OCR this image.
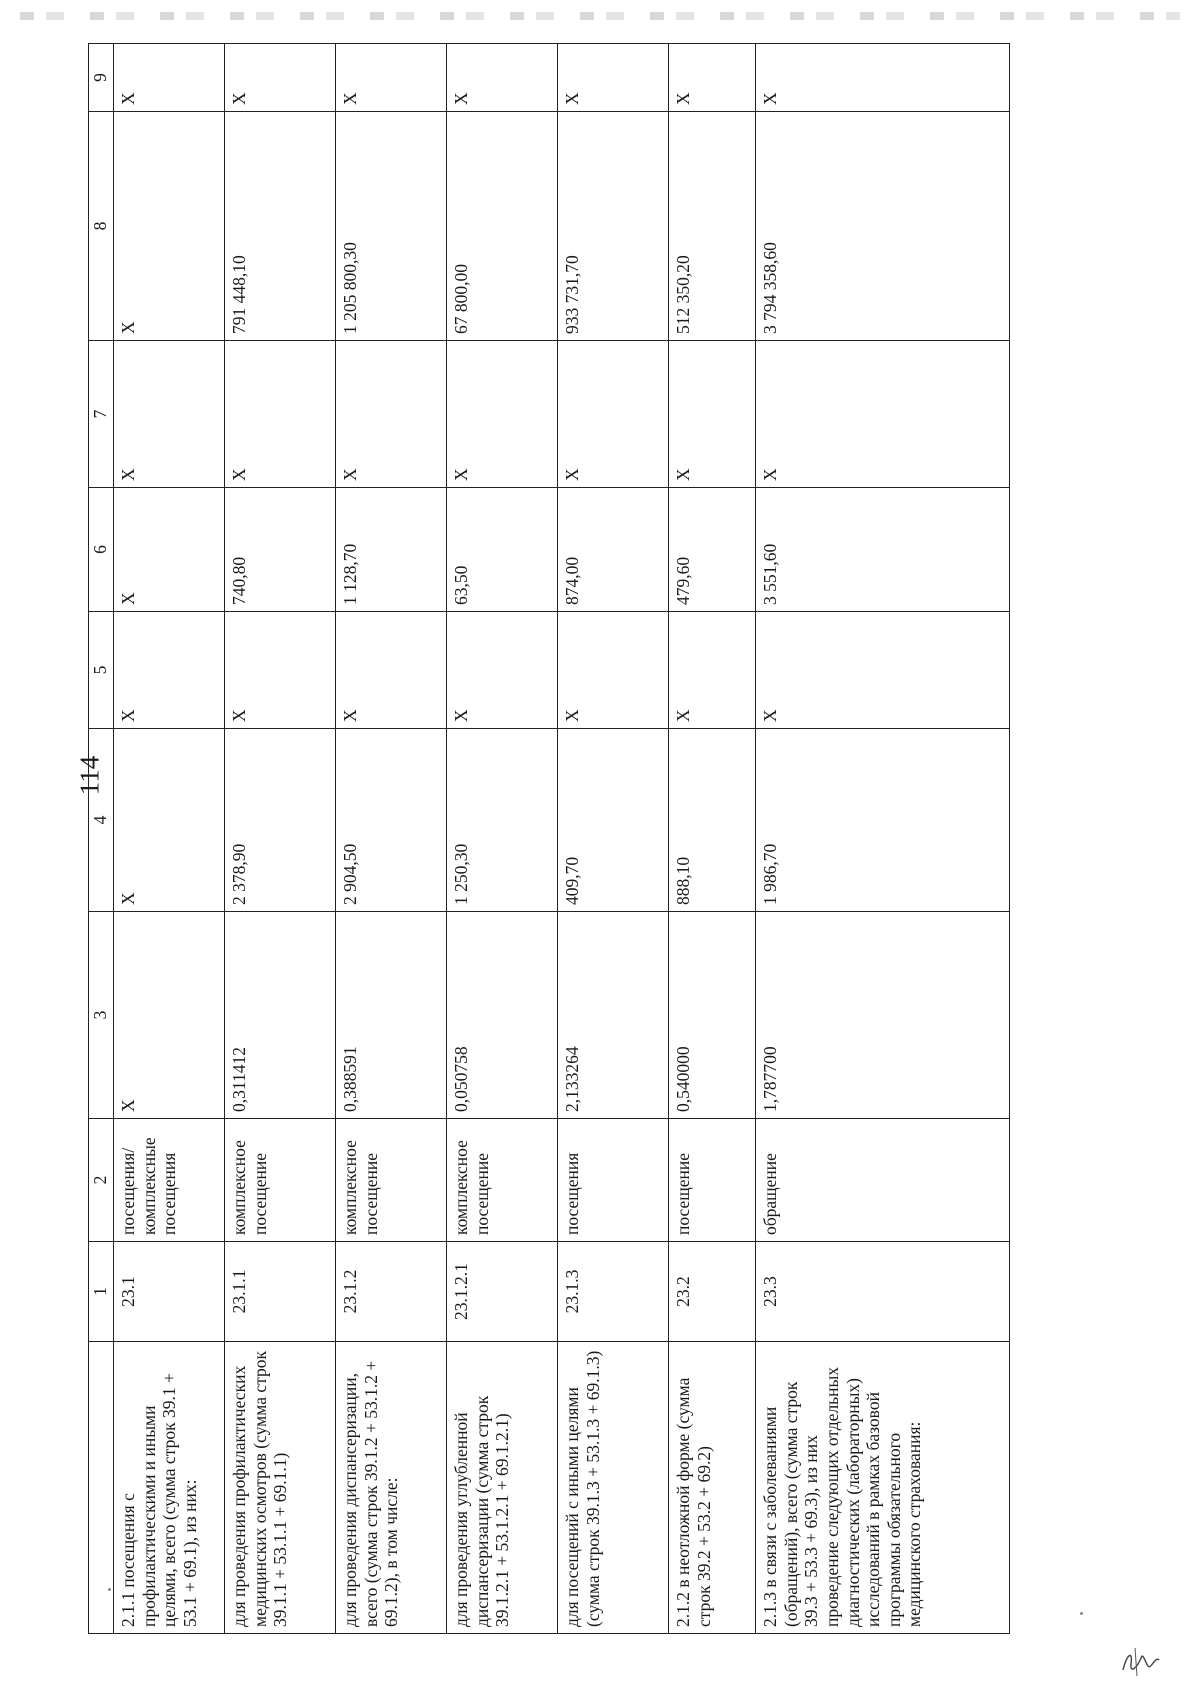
114
	1	2	3	4	5	6	7	8	9
2.1.1 посещения с профилактическими и иными целями, всего (сумма строк 39.1 + 53.1 + 69.1), из них:	23.1	посещения/ комплексные посещения	X	X	X	X	X	X	X
для проведения профилактических медицинских осмотров (сумма строк 39.1.1 + 53.1.1 + 69.1.1)	23.1.1	комплексное посещение	0,311412	2 378,90	X	740,80	X	791 448,10	X
для проведения диспансеризации, всего (сумма строк 39.1.2 + 53.1.2 + 69.1.2), в том числе:	23.1.2	комплексное посещение	0,388591	2 904,50	X	1 128,70	X	1 205 800,30	X
для проведения углубленной диспансеризации (сумма строк 39.1.2.1 + 53.1.2.1 + 69.1.2.1)	23.1.2.1	комплексное посещение	0,050758	1 250,30	X	63,50	X	67 800,00	X
для посещений с иными целями (сумма строк 39.1.3 + 53.1.3 + 69.1.3)	23.1.3	посещения	2,133264	409,70	X	874,00	X	933 731,70	X
2.1.2 в неотложной форме (сумма строк 39.2 + 53.2 + 69.2)	23.2	посещение	0,540000	888,10	X	479,60	X	512 350,20	X
2.1.3 в связи с заболеваниями (обращений), всего (сумма строк 39.3 + 53.3 + 69.3), из них проведение следующих отдельных диагностических (лабораторных) исследований в рамках базовой программы обязательного медицинского страхования:	23.3	обращение	1,787700	1 986,70	X	3 551,60	X	3 794 358,60	X
